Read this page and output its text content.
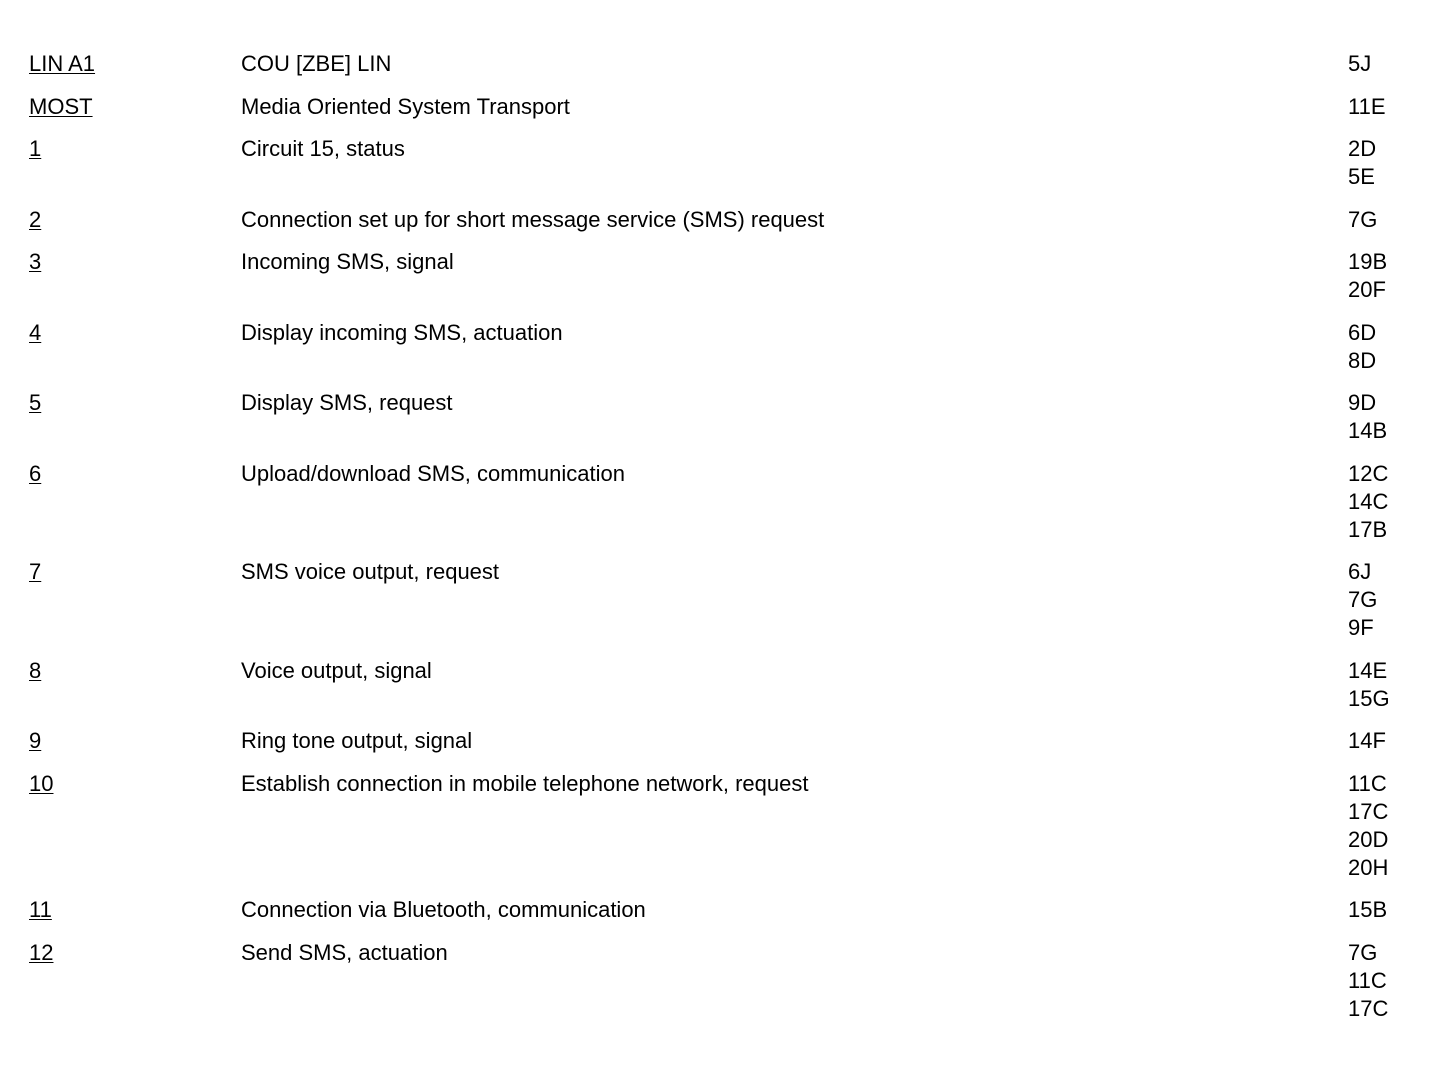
LIN A1	COU [ZBE] LIN	5J
MOST	Media Oriented System Transport	11E
1	Circuit 15, status	2D
5E
2	Connection set up for short message service (SMS) request	7G
3	Incoming SMS, signal	19B
20F
4	Display incoming SMS, actuation	6D
8D
5	Display SMS, request	9D
14B
6	Upload/download SMS, communication	12C
14C
17B
7	SMS voice output, request	6J
7G
9F
8	Voice output, signal	14E
15G
9	Ring tone output, signal	14F
10	Establish connection in mobile telephone network, request	11C
17C
20D
20H
11	Connection via Bluetooth, communication	15B
12	Send SMS, actuation	7G
11C
17C
